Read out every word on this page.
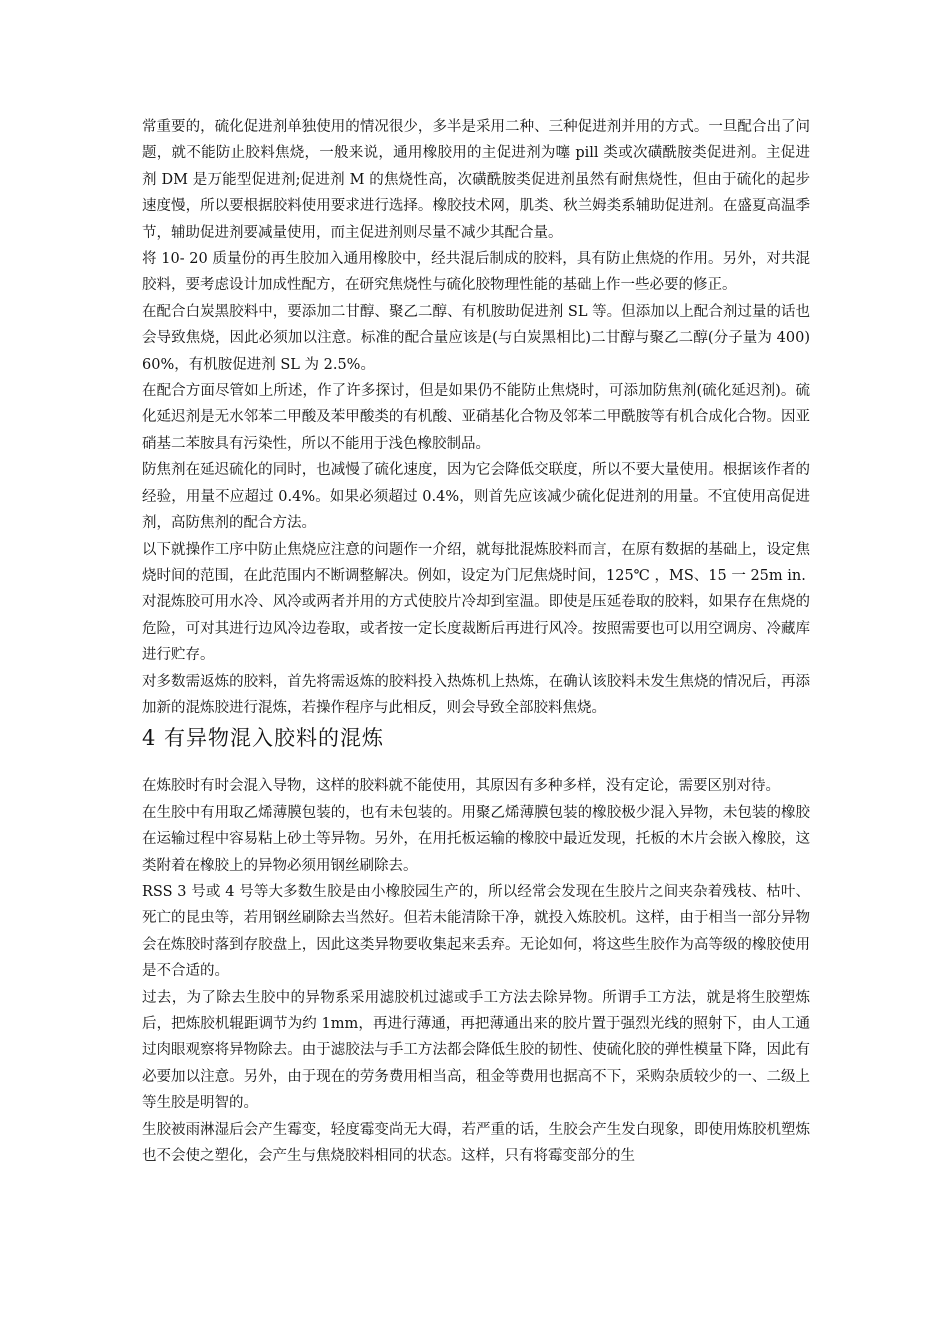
常重要的，硫化促进剂单独使用的情况很少，多半是采用二种、三种促进剂并用的方式。一旦配合出了问题，就不能防止胶料焦烧，一般来说，通用橡胶用的主促进剂为噻 pill 类或次磺酰胺类促进剂。主促进剂 DM 是万能型促进剂;促进剂 M 的焦烧性高，次磺酰胺类促进剂虽然有耐焦烧性，但由于硫化的起步速度慢，所以要根据胶料使用要求进行选择。橡胶技术网，肌类、秋兰姆类系辅助促进剂。在盛夏高温季节，辅助促进剂要减量使用，而主促进剂则尽量不减少其配合量。

将 10- 20 质量份的再生胶加入通用橡胶中，经共混后制成的胶料，具有防止焦烧的作用。另外，对共混胶料，要考虑设计加成性配方，在研究焦烧性与硫化胶物理性能的基础上作一些必要的修正。

在配合白炭黑胶料中，要添加二甘醇、聚乙二醇、有机胺助促进剂 SL 等。但添加以上配合剂过量的话也会导致焦烧，因此必须加以注意。标准的配合量应该是(与白炭黑相比)二甘醇与聚乙二醇(分子量为 400) 60%，有机胺促进剂 SL 为 2.5%。

在配合方面尽管如上所述，作了许多探讨，但是如果仍不能防止焦烧时，可添加防焦剂(硫化延迟剂)。硫化延迟剂是无水邻苯二甲酸及苯甲酸类的有机酸、亚硝基化合物及邻苯二甲酰胺等有机合成化合物。因亚硝基二苯胺具有污染性，所以不能用于浅色橡胶制品。

防焦剂在延迟硫化的同时，也减慢了硫化速度，因为它会降低交联度，所以不要大量使用。根据该作者的经验，用量不应超过 0.4%。如果必须超过 0.4%，则首先应该减少硫化促进剂的用量。不宜使用高促进剂，高防焦剂的配合方法。

以下就操作工序中防止焦烧应注意的问题作一介绍，就每批混炼胶料而言，在原有数据的基础上，设定焦烧时间的范围，在此范围内不断调整解决。例如，设定为门尼焦烧时间，125℃ ，MS、15 一 25m in.

对混炼胶可用水冷、风冷或两者并用的方式使胶片冷却到室温。即使是压延卷取的胶料，如果存在焦烧的危险，可对其进行边风冷边卷取，或者按一定长度裁断后再进行风冷。按照需要也可以用空调房、冷藏库进行贮存。

对多数需返炼的胶料，首先将需返炼的胶料投入热炼机上热炼，在确认该胶料未发生焦烧的情况后，再添加新的混炼胶进行混炼，若操作程序与此相反，则会导致全部胶料焦烧。

4 有异物混入胶料的混炼

在炼胶时有时会混入导物，这样的胶料就不能使用，其原因有多种多样，没有定论，需要区别对待。

在生胶中有用取乙烯薄膜包装的，也有未包装的。用聚乙烯薄膜包装的橡胶极少混入异物，未包装的橡胶在运输过程中容易粘上砂土等异物。另外，在用托板运输的橡胶中最近发现，托板的木片会嵌入橡胶，这类附着在橡胶上的异物必须用钢丝刷除去。

RSS 3 号或 4 号等大多数生胶是由小橡胶园生产的，所以经常会发现在生胶片之间夹杂着残枝、枯叶、死亡的昆虫等，若用钢丝刷除去当然好。但若未能清除干净，就投入炼胶机。这样，由于相当一部分异物会在炼胶时落到存胶盘上，因此这类异物要收集起来丢弃。无论如何，将这些生胶作为高等级的橡胶使用是不合适的。

过去，为了除去生胶中的异物系采用滤胶机过滤或手工方法去除异物。所谓手工方法，就是将生胶塑炼后，把炼胶机辊距调节为约 1mm，再进行薄通，再把薄通出来的胶片置于强烈光线的照射下，由人工通过肉眼观察将异物除去。由于滤胶法与手工方法都会降低生胶的韧性、使硫化胶的弹性模量下降，因此有必要加以注意。另外，由于现在的劳务费用相当高，租金等费用也据高不下，采购杂质较少的一、二级上等生胶是明智的。

生胶被雨淋湿后会产生霉变，轻度霉变尚无大碍，若严重的话，生胶会产生发白现象，即使用炼胶机塑炼也不会使之塑化，会产生与焦烧胶料相同的状态。这样，只有将霉变部分的生
